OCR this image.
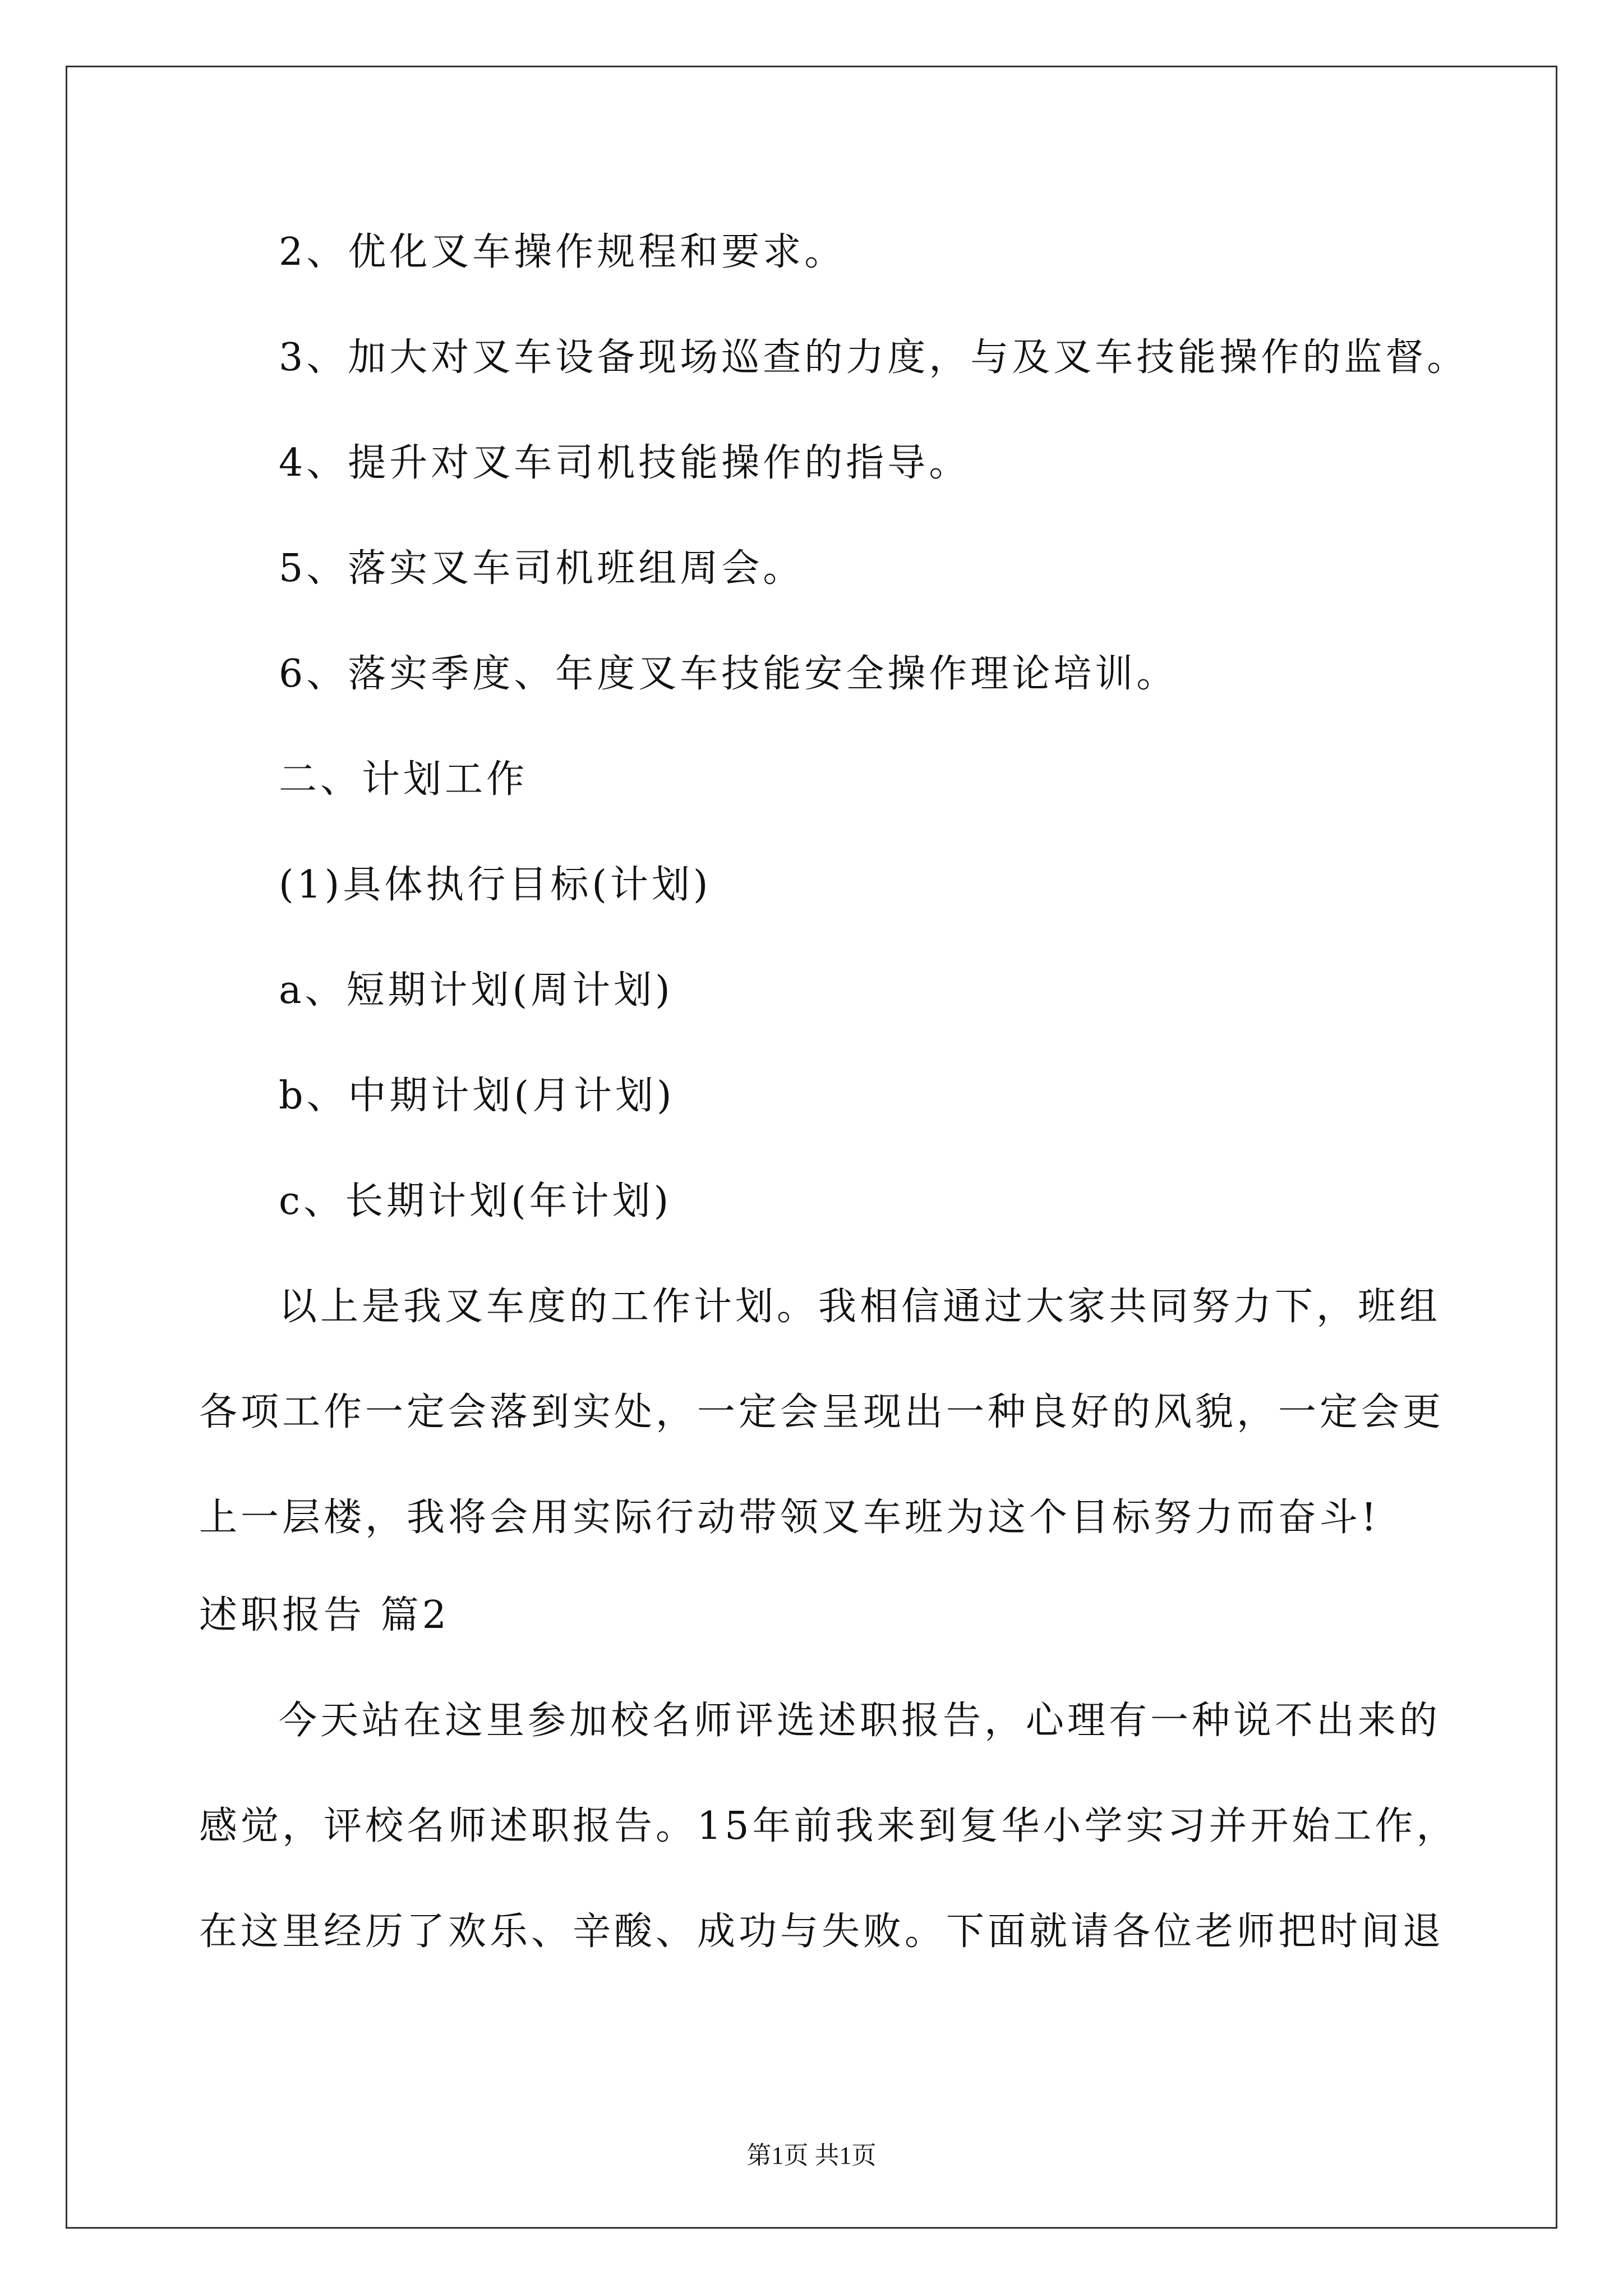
2、优化叉车操作规程和要求。
3、加大对叉车设备现场巡查的力度，与及叉车技能操作的监督。
4、提升对叉车司机技能操作的指导。
5、落实叉车司机班组周会。
6、落实季度、年度叉车技能安全操作理论培训。
二、计划工作
(1)具体执行目标(计划)
a、短期计划(周计划)
b、中期计划(月计划)
c、长期计划(年计划)
以上是我叉车度的工作计划。我相信通过大家共同努力下，班组
各项工作一定会落到实处，一定会呈现出一种良好的风貌，一定会更
上一层楼，我将会用实际行动带领叉车班为这个目标努力而奋斗!
述职报告 篇2
今天站在这里参加校名师评选述职报告，心理有一种说不出来的
感觉，评校名师述职报告。15年前我来到复华小学实习并开始工作，
在这里经历了欢乐、辛酸、成功与失败。下面就请各位老师把时间退
第1页 共1页
